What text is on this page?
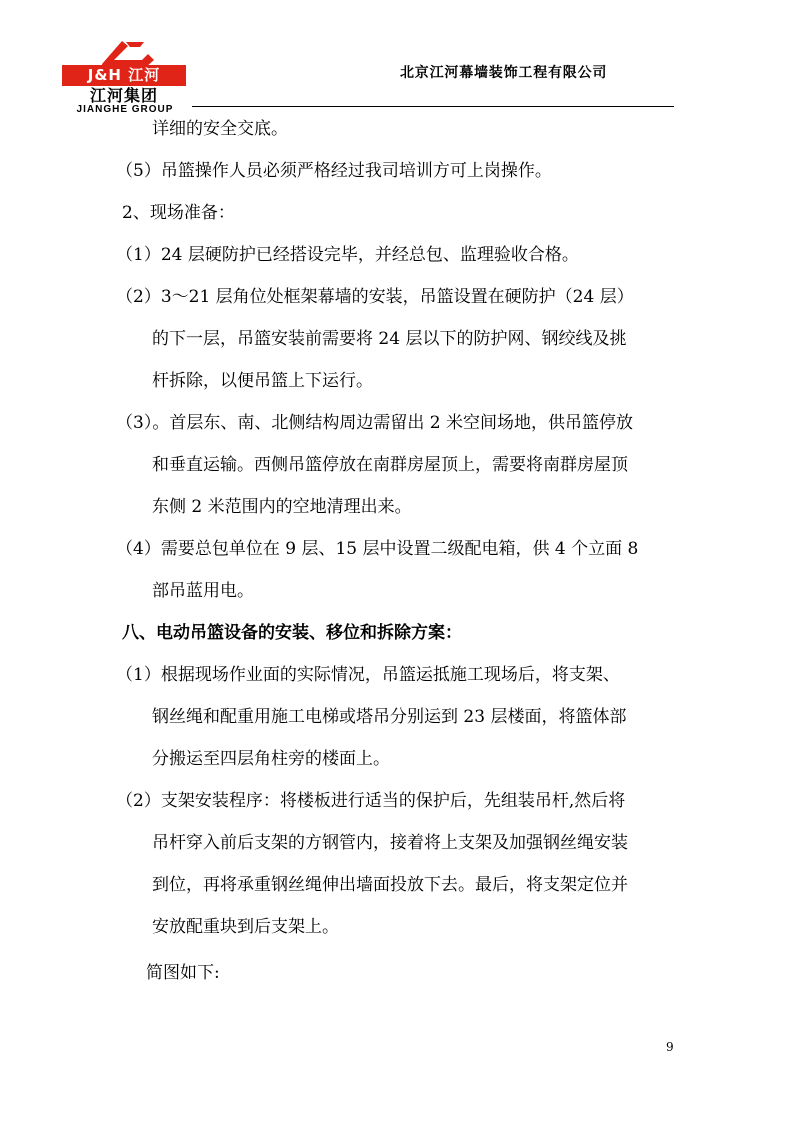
J&H 江河
江河集团
JIANGHE GROUP
北京江河幕墙装饰工程有限公司
详细的安全交底。
（5）吊篮操作人员必须严格经过我司培训方可上岗操作。
2、现场准备：
（1）24 层硬防护已经搭设完毕，并经总包、监理验收合格。
（2）3～21 层角位处框架幕墙的安装，吊篮设置在硬防护（24 层）
的下一层，吊篮安装前需要将 24 层以下的防护网、钢绞线及挑
杆拆除，以便吊篮上下运行。
（3）。首层东、南、北侧结构周边需留出 2 米空间场地，供吊篮停放
和垂直运输。西侧吊篮停放在南群房屋顶上，需要将南群房屋顶
东侧 2 米范围内的空地清理出来。
（4）需要总包单位在 9 层、15 层中设置二级配电箱，供 4 个立面 8
部吊蓝用电。
八、电动吊篮设备的安装、移位和拆除方案：
（1）根据现场作业面的实际情况，吊篮运抵施工现场后，将支架、
钢丝绳和配重用施工电梯或塔吊分别运到 23 层楼面，将篮体部
分搬运至四层角柱旁的楼面上。
（2）支架安装程序：将楼板进行适当的保护后，先组装吊杆,然后将
吊杆穿入前后支架的方钢管内，接着将上支架及加强钢丝绳安装
到位，再将承重钢丝绳伸出墙面投放下去。最后，将支架定位并
安放配重块到后支架上。
简图如下:
9
